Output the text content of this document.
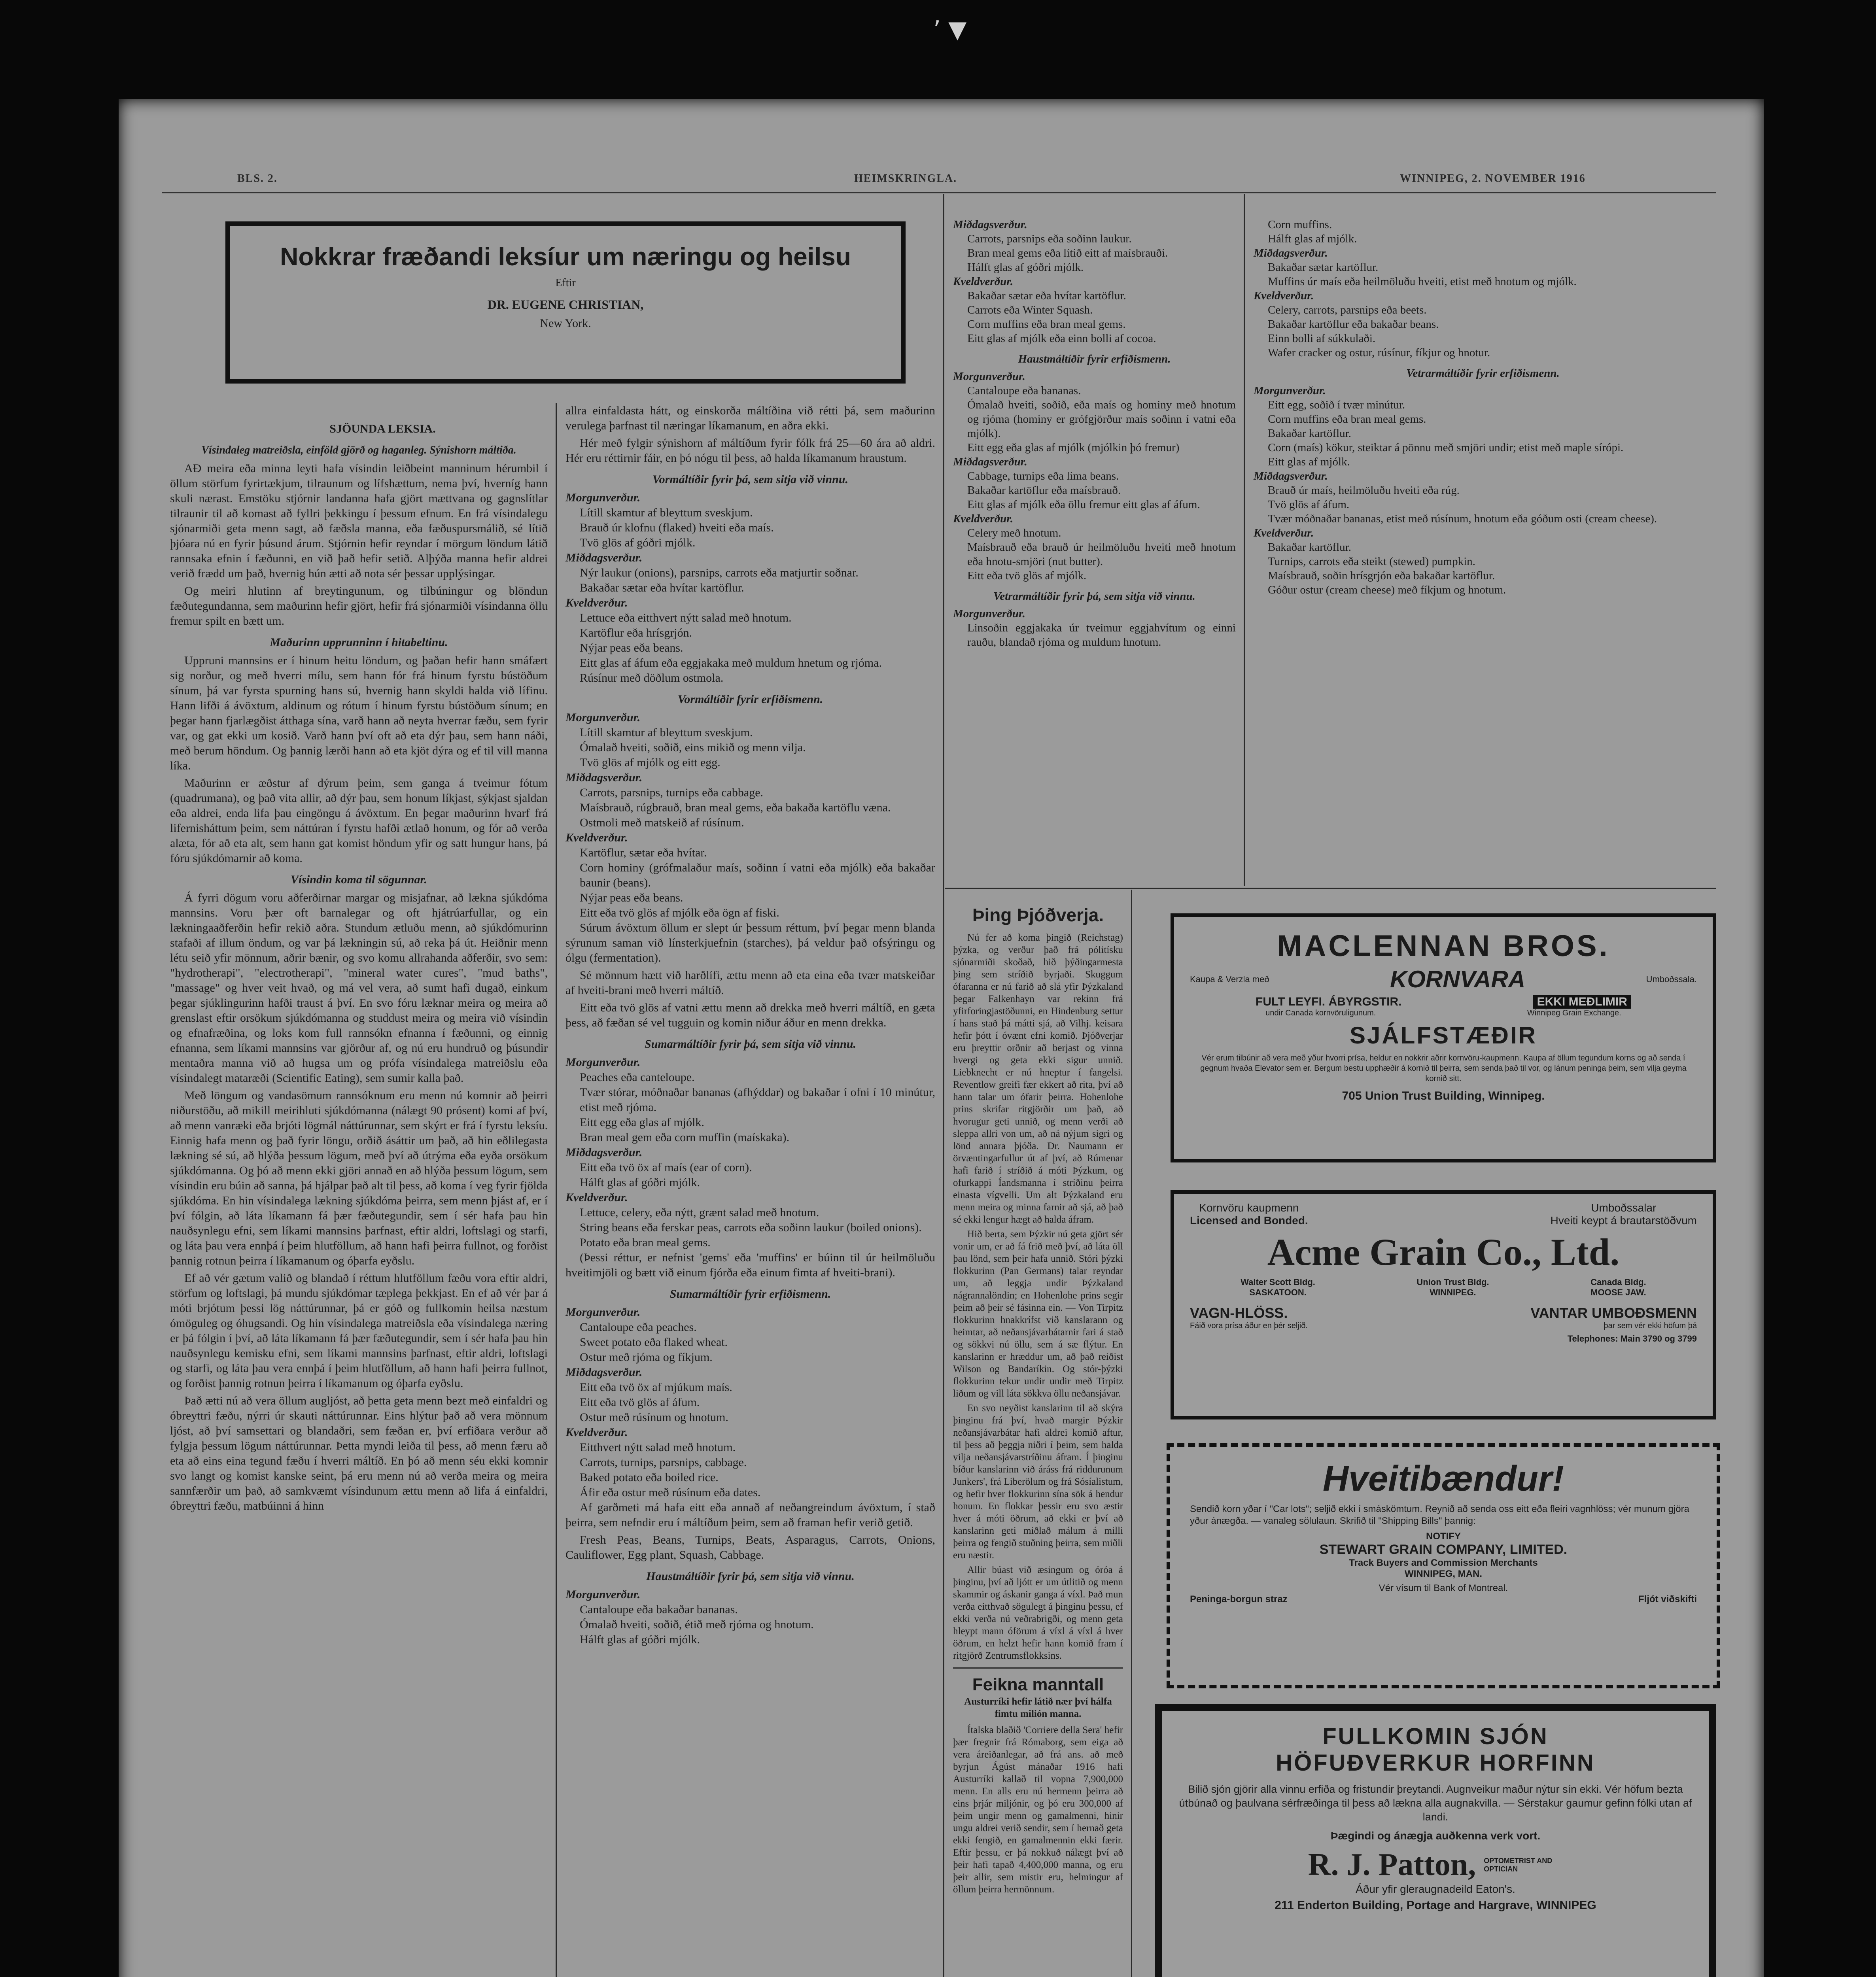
’ ▼
BLS. 2.	HEIMSKRINGLA.	WINNIPEG, 2. NOVEMBER 1916
Nokkrar fræðandi leksíur um næringu og heilsu
Eftir
DR. EUGENE CHRISTIAN,
New York.
SJÖUNDA LEKSIA.
Vísindaleg matreiðsla, einföld gjörð og haganleg. Sýnishorn máltiða.

AÐ meira eða minna leyti hafa vísindin leiðbeint manninum hérumbil í öllum störfum fyrirtækjum, tilraunum og lífshættum, nema því, hverníg hann skuli nærast. Emstöku stjórnir landanna hafa gjört mættvana og gagnslítlar tilraunir til að komast að fyllri þekkingu í þessum efnum. En frá vísindalegu sjónarmiði geta menn sagt, að fæðsla manna, eða fæðuspursmálið, sé lítið þjóara nú en fyrir þúsund árum. Stjórnin hefir reyndar í mörgum löndum látið rannsaka efnin í fæðunni, en við það hefir setið. Alþýða manna hefir aldrei verið frædd um það, hvernig hún ætti að nota sér þessar upplýsingar.

Og meiri hlutinn af breytingunum, og tilbúningur og blöndun fæðutegundanna, sem maðurinn hefir gjört, hefir frá sjónarmiði vísindanna öllu fremur spilt en bætt um.

Maðurinn upprunninn í hitabeltinu.

Uppruni mannsins er í hinum heitu löndum, og þaðan hefir hann smáfært sig norður, og með hverri mílu, sem hann fór frá hinum fyrstu bústöðum sínum, þá var fyrsta spurning hans sú, hvernig hann skyldi halda við lífinu. Hann lifði á ávöxtum, aldinum og rótum í hinum fyrstu bústöðum sínum; en þegar hann fjarlægðist átthaga sína, varð hann að neyta hverrar fæðu, sem fyrir var, og gat ekki um kosið. Varð hann því oft að eta dýr þau, sem hann náði, með berum höndum. Og þannig lærði hann að eta kjöt dýra og ef til vill manna líka.

Maðurinn er æðstur af dýrum þeim, sem ganga á tveimur fótum (quadrumana), og það vita allir, að dýr þau, sem honum líkjast, sýkjast sjaldan eða aldrei, enda lifa þau eingöngu á ávöxtum. En þegar maðurinn hvarf frá lifernisháttum þeim, sem náttúran í fyrstu hafði ætlað honum, og fór að verða alæta, fór að eta alt, sem hann gat komist höndum yfir og satt hungur hans, þá fóru sjúkdómarnir að koma.

Vísindin koma til sögunnar.

Á fyrri dögum voru aðferðirnar margar og misjafnar, að lækna sjúkdóma mannsins. Voru þær oft barnalegar og oft hjátrúarfullar, og ein lækningaaðferðin hefir rekið aðra. Stundum ætluðu menn, að sjúkdómurinn stafaði af illum öndum, og var þá lækningin sú, að reka þá út. Heiðnir menn létu seið yfir mönnum, aðrir bænir, og svo komu allrahanda aðferðir, svo sem: "hydrotherapi", "electrotherapi", "mineral water cures", "mud baths", "massage" og hver veit hvað, og má vel vera, að sumt hafi dugað, einkum þegar sjúklingurinn hafði traust á því. En svo fóru læknar meira og meira að grenslast eftir orsökum sjúkdómanna og studdust meira og meira við vísindin og efnafræðina, og loks kom full rannsókn efnanna í fæðunni, og einnig efnanna, sem líkami mannsins var gjörður af, og nú eru hundruð og þúsundir mentaðra manna við að hugsa um og prófa vísindalega matreiðslu eða vísindalegt mataræði (Scientific Eating), sem sumir kalla það.

Með löngum og vandasömum rannsóknum eru menn nú komnir að þeirri niðurstöðu, að mikill meirihluti sjúkdómanna (nálægt 90 prósent) komi af því, að menn vanræki eða brjóti lögmál náttúrunnar, sem skýrt er frá í fyrstu leksíu. Einnig hafa menn og það fyrir löngu, orðið ásáttir um það, að hin eðlilegasta lækning sé sú, að hlýða þessum lögum, með því að útrýma eða eyða orsökum sjúkdómanna. Og þó að menn ekki gjöri annað en að hlýða þessum lögum, sem vísindin eru búin að sanna, þá hjálpar það alt til þess, að koma í veg fyrir fjölda sjúkdóma. En hin vísindalega lækning sjúkdóma þeirra, sem menn þjást af, er í því fólgin, að láta líkamann fá þær fæðutegundir, sem í sér hafa þau hin nauðsynlegu efni, sem líkami mannsins þarfnast, eftir aldri, loftslagi og starfi, og láta þau vera ennþá í þeim hlutföllum, að hann hafi þeirra fullnot, og forðist þannig rotnun þeirra í líkamanum og óþarfa eyðslu.

Ef að vér gætum valið og blandað í réttum hlutföllum fæðu vora eftir aldri, störfum og loftslagi, þá mundu sjúkdómar tæplega þekkjast. En ef að vér þar á móti brjótum þessi lög náttúrunnar, þá er góð og fullkomin heilsa næstum ómöguleg og óhugsandi. Og hin vísindalega matreiðsla eða vísindalega næring er þá fólgin í því, að láta líkamann fá þær fæðutegundir, sem í sér hafa þau hin nauðsynlegu kemisku efni, sem líkami mannsins þarfnast, eftir aldri, loftslagi og starfi, og láta þau vera ennþá í þeim hlutföllum, að hann hafi þeirra fullnot, og forðist þannig rotnun þeirra í líkamanum og óþarfa eyðslu.

Það ætti nú að vera öllum augljóst, að þetta geta menn bezt með einfaldri og óbreyttri fæðu, nýrri úr skauti náttúrunnar. Eins hlýtur það að vera mönnum ljóst, að því samsettari og blandaðri, sem fæðan er, því erfiðara verður að fylgja þessum lögum náttúrunnar. Þetta myndi leiða til þess, að menn færu að eta að eins eina tegund fæðu í hverri máltíð. En þó að menn séu ekki komnir svo langt og komist kanske seint, þá eru menn nú að verða meira og meira sannfærðir um það, að samkvæmt vísindunum ættu menn að lifa á einfaldri, óbreyttri fæðu, matbúinni á hinn

allra einfaldasta hátt, og einskorða máltíðina við rétti þá, sem maðurinn verulega þarfnast til næringar líkamanum, en aðra ekki.

Hér með fylgir sýnishorn af máltíðum fyrir fólk frá 25—60 ára að aldri. Hér eru réttirnir fáir, en þó nógu til þess, að halda líkamanum hraustum.

Vormáltíðir fyrir þá, sem sitja við vinnu.
Morgunverður.
Lítill skamtur af bleyttum sveskjum.
Brauð úr klofnu (flaked) hveiti eða maís.
Tvö glös af góðri mjólk.
Miðdagsverður.
Nýr laukur (onions), parsnips, carrots eða matjurtir soðnar.
Bakaðar sætar eða hvítar kartöflur.
Kveldverður.
Lettuce eða eitthvert nýtt salad með hnotum.
Kartöflur eða hrísgrjón.
Nýjar peas eða beans.
Eitt glas af áfum eða eggjakaka með muldum hnetum og rjóma.
Rúsínur með döðlum ostmola.
Vormáltíðir fyrir erfiðismenn.
Morgunverður.
Lítill skamtur af bleyttum sveskjum.
Ómalað hveiti, soðið, eins mikið og menn vilja.
Tvö glös af mjólk og eitt egg.
Miðdagsverður.
Carrots, parsnips, turnips eða cabbage.
Maísbrauð, rúgbrauð, bran meal gems, eða bakaða kartöflu væna.
Ostmoli með matskeið af rúsínum.
Kveldverður.
Kartöflur, sætar eða hvítar.
Corn hominy (grófmalaður maís, soðinn í vatni eða mjólk) eða bakaðar baunir (beans).
Nýjar peas eða beans.
Eitt eða tvö glös af mjólk eða ögn af fiski.

Súrum ávöxtum öllum er slept úr þessum réttum, því þegar menn blanda sýrunum saman við línsterkjuefnin (starches), þá veldur það ofsýringu og ólgu (fermentation).

Sé mönnum hætt við harðlífi, ættu menn að eta eina eða tvær matskeiðar af hveiti-brani með hverri máltíð.

Eitt eða tvö glös af vatni ættu menn að drekka með hverri máltíð, en gæta þess, að fæðan sé vel tugguin og komin niður áður en menn drekka.

Sumarmáltíðir fyrir þá, sem sitja við vinnu.
Morgunverður.
Peaches eða canteloupe.
Tvær stórar, móðnaðar bananas (afhýddar) og bakaðar í ofni í 10 minútur, etist með rjóma.
Eitt egg eða glas af mjólk.
Bran meal gem eða corn muffin (maískaka).
Miðdagsverður.
Eitt eða tvö öx af maís (ear of corn).
Hálft glas af góðri mjólk.
Kveldverður.
Lettuce, celery, eða nýtt, grænt salad með hnotum.
String beans eða ferskar peas, carrots eða soðinn laukur (boiled onions).
Potato eða bran meal gems.

(Þessi réttur, er nefnist 'gems' eða 'muffins' er búinn til úr heilmöluðu hveitimjöli og bætt við einum fjórða eða einum fimta af hveiti-brani).

Sumarmáltíðir fyrir erfiðismenn.
Morgunverður.
Cantaloupe eða peaches.
Sweet potato eða flaked wheat.
Ostur með rjóma og fíkjum.
Miðdagsverður.
Eitt eða tvö öx af mjúkum maís.
Eitt eða tvö glös af áfum.
Ostur með rúsínum og hnotum.
Kveldverður.
Eitthvert nýtt salad með hnotum.
Carrots, turnips, parsnips, cabbage.
Baked potato eða boiled rice.
Áfir eða ostur með rúsínum eða dates.

Af garðmeti má hafa eitt eða annað af neðangreindum ávöxtum, í stað þeirra, sem nefndir eru í máltíðum þeim, sem að framan hefir verið getið.

Fresh Peas, Beans, Turnips, Beats, Asparagus, Carrots, Onions, Cauliflower, Egg plant, Squash, Cabbage.

Haustmáltíðir fyrir þá, sem sitja við vinnu.
Morgunverður.
Cantaloupe eða bakaðar bananas.
Ómalað hveiti, soðið, étið með rjóma og hnotum.
Hálft glas af góðri mjólk.
Miðdagsverður.
Carrots, parsnips eða soðinn laukur.
Bran meal gems eða lítið eitt af maísbrauði.
Hálft glas af góðri mjólk.
Kveldverður.
Bakaðar sætar eða hvítar kartöflur.
Carrots eða Winter Squash.
Corn muffins eða bran meal gems.
Eitt glas af mjólk eða einn bolli af cocoa.
Haustmáltíðir fyrir erfiðismenn.
Morgunverður.
Cantaloupe eða bananas.
Ómalað hveiti, soðið, eða maís og hominy með hnotum og rjóma (hominy er grófgjörður maís soðinn í vatni eða mjólk).
Eitt egg eða glas af mjólk (mjólkin þó fremur)
Miðdagsverður.
Cabbage, turnips eða lima beans.
Bakaðar kartöflur eða maísbrauð.
Eitt glas af mjólk eða öllu fremur eitt glas af áfum.
Kveldverður.
Celery með hnotum.
Maísbrauð eða brauð úr heilmöluðu hveiti með hnotum eða hnotu-smjöri (nut butter).
Eitt eða tvö glös af mjólk.
Vetrarmáltíðir fyrir þá, sem sitja við vinnu.
Morgunverður.
Linsoðin eggjakaka úr tveimur eggjahvítum og einni rauðu, blandað rjóma og muldum hnotum.
Corn muffins.
Hálft glas af mjólk.
Miðdagsverður.
Bakaðar sætar kartöflur.
Muffins úr maís eða heilmöluðu hveiti, etist með hnotum og mjólk.
Kveldverður.
Celery, carrots, parsnips eða beets.
Bakaðar kartöflur eða bakaðar beans.
Einn bolli af súkkulaði.
Wafer cracker og ostur, rúsínur, fíkjur og hnotur.
Vetrarmáltíðir fyrir erfiðismenn.
Morgunverður.
Eitt egg, soðið í tvær minútur.
Corn muffins eða bran meal gems.
Bakaðar kartöflur.
Corn (maís) kökur, steiktar á pönnu með smjöri undir; etist með maple sírópi.
Eitt glas af mjólk.
Miðdagsverður.
Brauð úr maís, heilmöluðu hveiti eða rúg.
Tvö glös af áfum.
Tvær móðnaðar bananas, etist með rúsínum, hnotum eða góðum osti (cream cheese).
Kveldverður.
Bakaðar kartöflur.
Turnips, carrots eða steikt (stewed) pumpkin.
Maísbrauð, soðin hrísgrjón eða bakaðar kartöflur.
Góður ostur (cream cheese) með fíkjum og hnotum.
Þing Þjóðverja.

Nú fer að koma þingið (Reichstag) þýzka, og verður það frá pólitísku sjónarmiði skoðað, hið þýðingarmesta þing sem stríðið byrjaði. Skuggum ófaranna er nú farið að slá yfir Þýzkaland þegar Falkenhayn var rekinn frá yfirforingjastöðunni, en Hindenburg settur í hans stað þá mátti sjá, að Vilhj. keisara hefir þótt í óvænt efni komið. Þjóðverjar eru þreyttir orðnir að berjast og vinna hvergi og geta ekki sigur unnið. Liebknecht er nú hneptur í fangelsi. Reventlow greifi fær ekkert að rita, því að hann talar um ófarir þeirra. Hohenlohe prins skrifar ritgjörðir um það, að hvorugur geti unnið, og menn verði að sleppa allri von um, að ná nýjum sigri og lönd annara þjóða. Dr. Naumann er örvæntingarfullur út af því, að Rúmenar hafi farið í stríðið á móti Þýzkum, og ofurkappi Íandsmanna í stríðinu þeirra einasta vígvelli. Um alt Þýzkaland eru menn meira og minna farnir að sjá, að það sé ekki lengur hægt að halda áfram.

Hið berta, sem Þýzkir nú geta gjört sér vonir um, er að fá frið með því, að láta öll þau lönd, sem þeir hafa unnið. Stóri þýzki flokkurinn (Pan Germans) talar reyndar um, að leggja undir Þýzkaland nágrannalöndin; en Hohenlohe prins segir þeim að þeir sé fásinna ein. — Von Tirpitz flokkurinn hnakkrífst við kanslarann og heimtar, að neðansjávarbátarnir fari á stað og sökkvi nú öllu, sem á sæ flýtur. En kanslarinn er hræddur um, að það reiðist Wilson og Bandaríkin. Og stór-þýzki flokkurinn tekur undir undir með Tirpitz liðum og vill láta sökkva öllu neðansjávar.

En svo neyðist kanslarinn til að skýra þinginu frá því, hvað margir Þýzkir neðansjávarbátar hafi aldrei komið aftur, til þess að þeggja niðri í þeim, sem halda vilja neðansjávarstríðinu áfram. Í þinginu bíður kanslarinn við áráss frá riddurunum Junkers', frá Liberölum og frá Sósíalistum, og hefir hver flokkurinn sína sök á hendur honum. En flokkar þessir eru svo æstir hver á móti öðrum, að ekki er því að kanslarinn geti miðlað málum á milli þeirra og fengið stuðning þeirra, sem miðli eru næstir.

Allir búast við æsingum og óróa á þinginu, því að ljótt er um útlitið og menn skammir og áskanir ganga á víxl. Það mun verða eitthvað sögulegt á þinginu þessu, ef ekki verða nú veðrabrigði, og menn geta hleypt mann óförum á víxl á víxl á hver öðrum, en helzt hefir hann komið fram í ritgjörð Zentrumsflokksins.

Feikna manntall
Austurríki hefir látið nær því hálfa fimtu milión manna.

Ítalska blaðið 'Corriere della Sera' hefir þær fregnir frá Rómaborg, sem eiga að vera áreiðanlegar, að frá ans. að með byrjun Ágúst mánaðar 1916 hafi Austurríki kallað til vopna 7,900,000 menn. En alls eru nú hermenn þeirra að eins þrjár miljónir, og þó eru 300,000 af þeim ungir menn og gamalmenni, hinir ungu aldrei verið sendir, sem í hernað geta ekki fengið, en gamalmennin ekki færir. Eftir þessu, er þá nokkuð nálægt því að þeir hafi tapað 4,400,000 manna, og eru þeir allir, sem mistir eru, helmingur af öllum þeirra hermönnum.

MACLENNAN BROS.
Kaupa & Verzla með	KORNVARA	Umboðssala.
FULT LEYFI. ÁBYRGSTIR.	EKKI MEÐLIMIR
undir Canada kornvöruligunum.	Winnipeg Grain Exchange.
SJÁLFSTÆÐIR
Vér erum tilbúnir að vera með yður hvorri prísa, heldur en nokkrir aðrir kornvöru-kaupmenn. Kaupa af öllum tegundum korns og að senda í gegnum hvaða Elevator sem er. Bergum bestu upphæðir á kornið til þeirra, sem senda það til vor, og lánum peninga þeim, sem vilja geyma kornið sitt.
705 Union Trust Building, Winnipeg.
Kornvöru kaupmenn
Licensed and Bonded.
Umboðssalar
Hveiti keypt á brautarstöðvum
Acme Grain Co., Ltd.
Walter Scott Bldg.
SASKATOON.
Union Trust Bldg.
WINNIPEG.
Canada Bldg.
MOOSE JAW.
VAGN-HLÖSS.
Fáið vora prísa áður en þér seljið.
VANTAR UMBOÐSMENN
þar sem vér ekki höfum þá
Telephones: Main 3790 og 3799
Hveitibændur!
Sendið korn yðar í "Car lots"; seljið ekki í smáskömtum. Reynið að senda oss eitt eða fleiri vagnhlöss; vér munum gjöra yður ánægða. — vanaleg sölulaun. Skrifið til "Shipping Bills" þannig:
NOTIFY
STEWART GRAIN COMPANY, LIMITED.
Track Buyers and Commission Merchants
WINNIPEG, MAN.
Vér vísum til Bank of Montreal.
Peninga-borgun straz	Fljót viðskifti
FULLKOMIN SJÓN
HÖFUÐVERKUR HORFINN
Bilið sjón gjörir alla vinnu erfiða og fristundir þreytandi. Augnveikur maður nýtur sín ekki. Vér höfum bezta útbúnað og þaulvana sérfræðinga til þess að lækna alla augnakvilla. — Sérstakur gaumur gefinn fólki utan af landi.
Þægindi og ánægja auðkenna verk vort.
R. J. Patton, OPTOMETRIST AND OPTICIAN
Áður yfir gleraugnadeild Eaton's.
211 Enderton Building, Portage and Hargrave, WINNIPEG
